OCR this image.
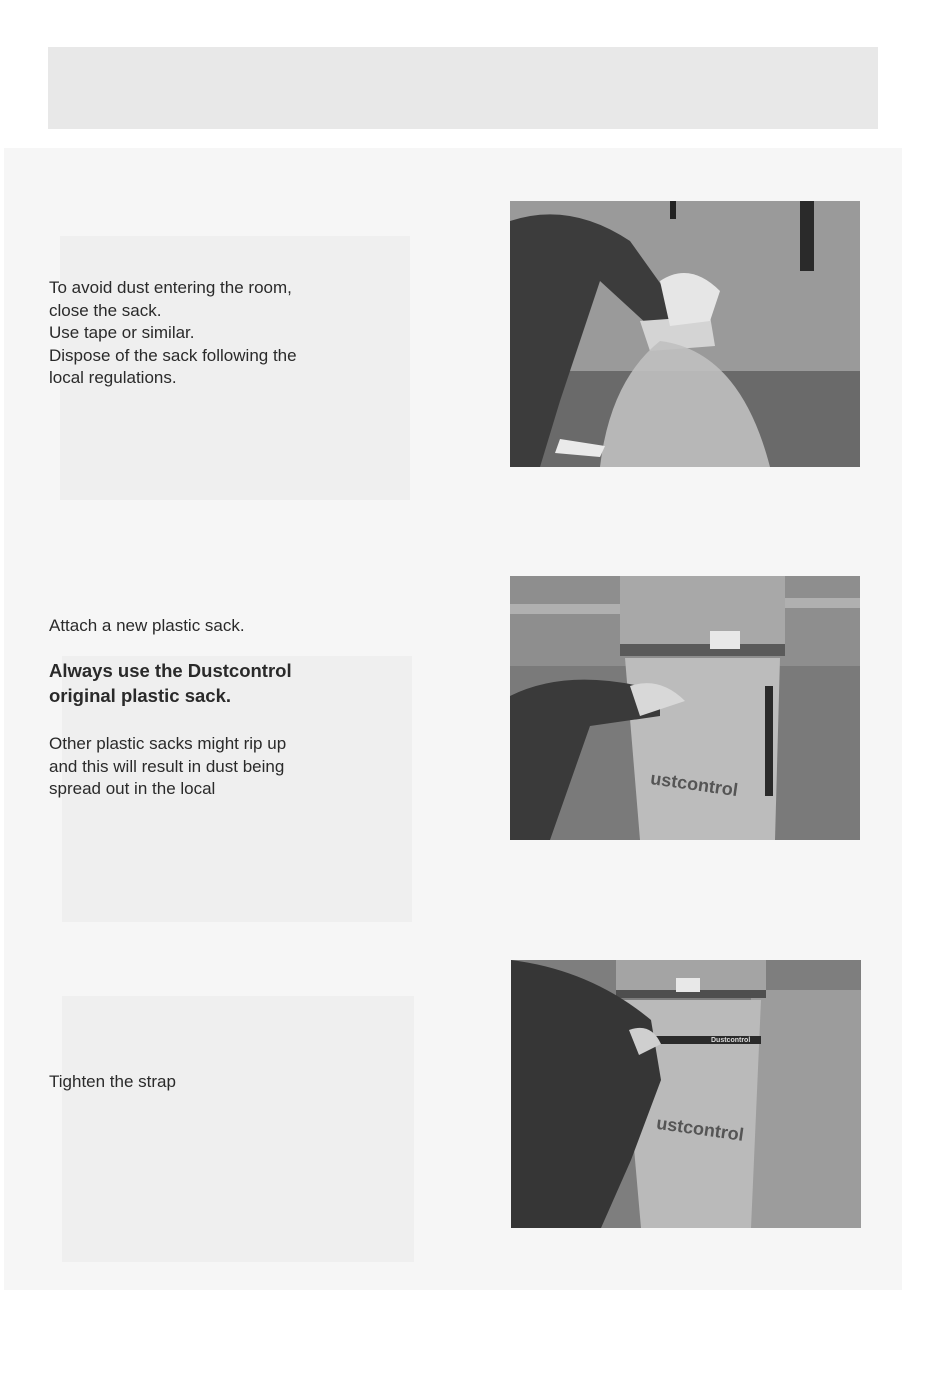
To avoid dust entering the room,

close the sack.

Use tape or similar.

Dispose of the sack following the

local regulations.

Attach a new plastic sack.

Always use the Dustcontrol
original plastic sack.

Other plastic sacks might rip up

and this will result in dust being

spread out in the local	ustcontrol

Tighten the strap

ustcontrol
Dustcontrol
